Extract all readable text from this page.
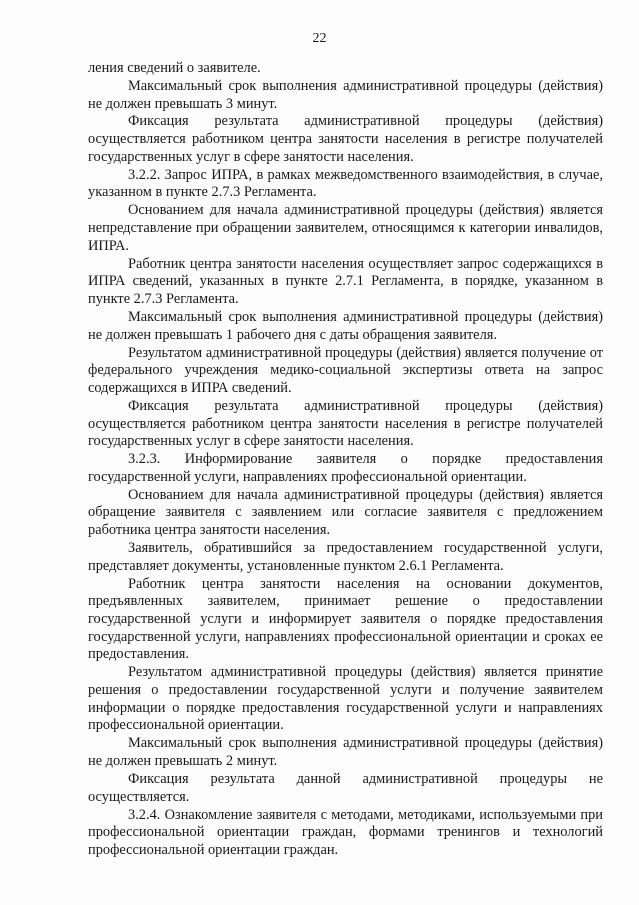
22

ления сведений о заявителе.

Максимальный срок выполнения административной процедуры (действия) не должен превышать 3 минут.

Фиксация результата административной процедуры (действия) осуществляется работником центра занятости населения в регистре получателей государственных услуг в сфере занятости населения.

3.2.2. Запрос ИПРА, в рамках межведомственного взаимодействия, в случае, указанном в пункте 2.7.3 Регламента.

Основанием для начала административной процедуры (действия) является непредставление при обращении заявителем, относящимся к категории инвалидов, ИПРА.

Работник центра занятости населения осуществляет запрос содержащихся в ИПРА сведений, указанных в пункте 2.7.1 Регламента, в порядке, указанном в пункте 2.7.3 Регламента.

Максимальный срок выполнения административной процедуры (действия) не должен превышать 1 рабочего дня с даты обращения заявителя.

Результатом административной процедуры (действия) является получение от федерального учреждения медико-социальной экспертизы ответа на запрос содержащихся в ИПРА сведений.

Фиксация результата административной процедуры (действия) осуществляется работником центра занятости населения в регистре получателей государственных услуг в сфере занятости населения.

3.2.3. Информирование заявителя о порядке предоставления государственной услуги, направлениях профессиональной ориентации.

Основанием для начала административной процедуры (действия) является обращение заявителя с заявлением или согласие заявителя с предложением работника центра занятости населения.

Заявитель, обратившийся за предоставлением государственной услуги, представляет документы, установленные пунктом 2.6.1 Регламента.

Работник центра занятости населения на основании документов, предъявленных заявителем, принимает решение о предоставлении государственной услуги и информирует заявителя о порядке предоставления государственной услуги, направлениях профессиональной ориентации и сроках ее предоставления.

Результатом административной процедуры (действия) является принятие решения о предоставлении государственной услуги и получение заявителем информации о порядке предоставления государственной услуги и направлениях профессиональной ориентации.

Максимальный срок выполнения административной процедуры (действия) не должен превышать 2 минут.

Фиксация результата данной административной процедуры не осуществляется.

3.2.4. Ознакомление заявителя с методами, методиками, используемыми при профессиональной ориентации граждан, формами тренингов и технологий профессиональной ориентации граждан.
